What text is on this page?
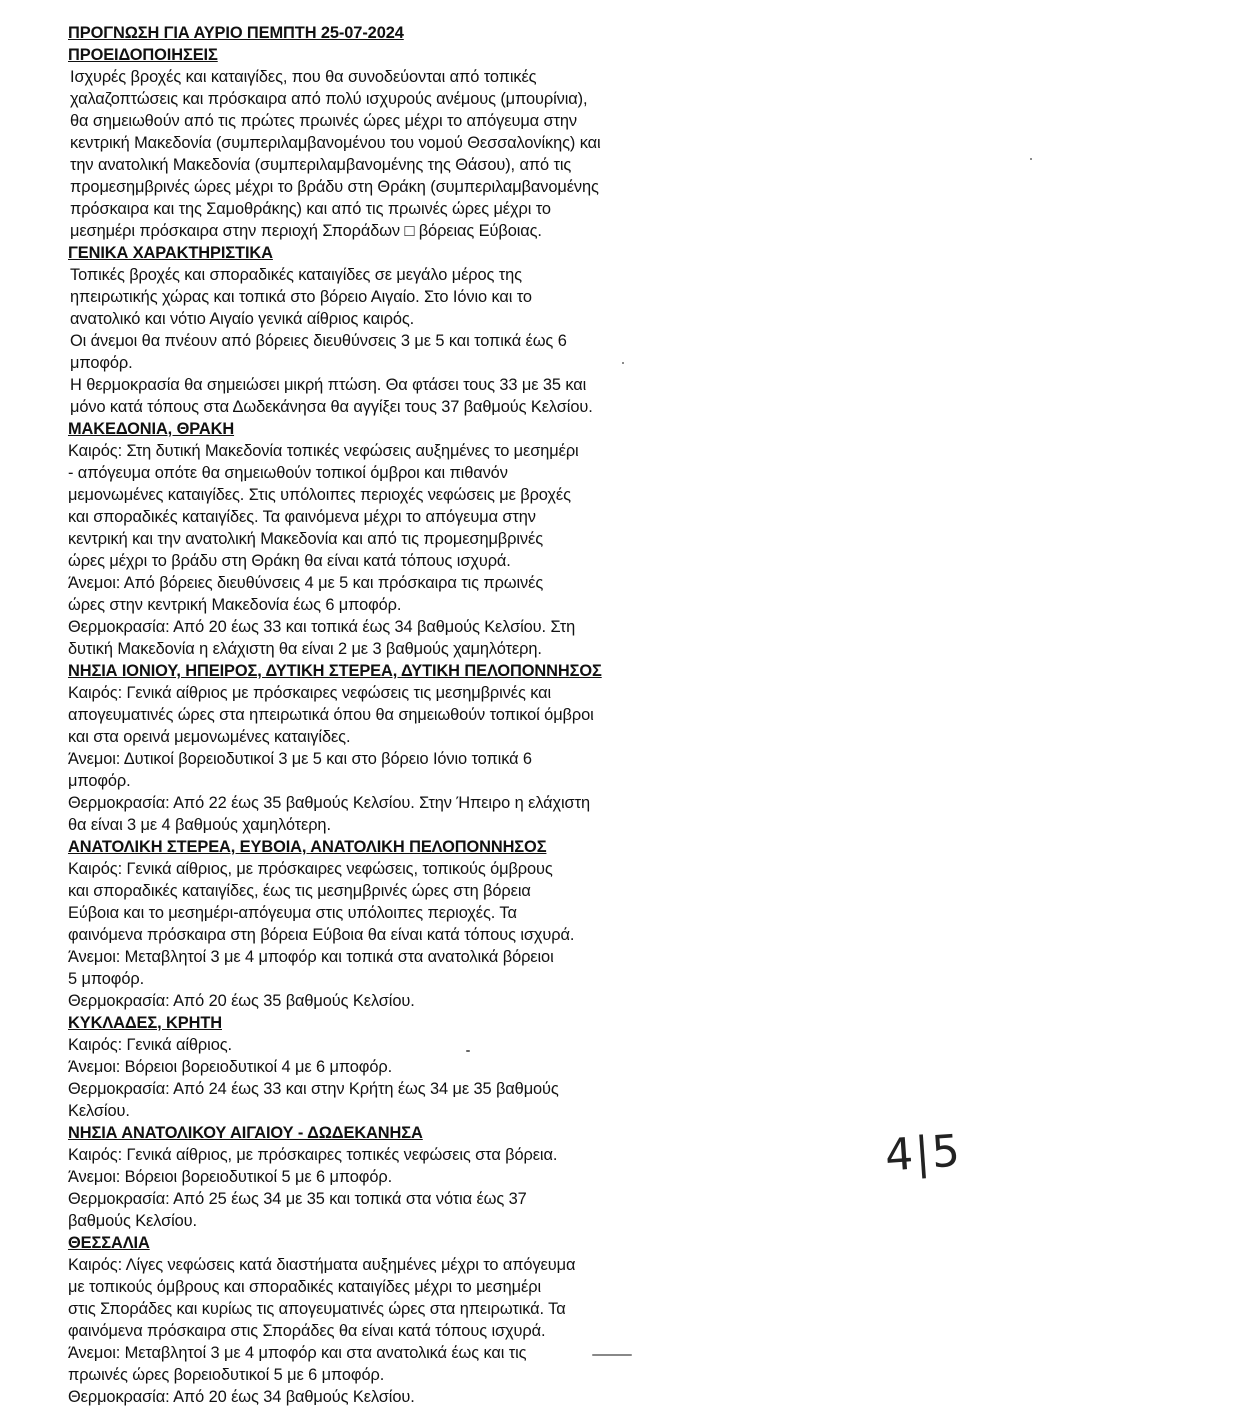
ΠΡΟΓΝΩΣΗ ΓΙΑ ΑΥΡΙΟ ΠΕΜΠΤΗ 25-07-2024
ΠΡΟΕΙΔΟΠΟΙΗΣΕΙΣ
Ισχυρές βροχές και καταιγίδες, που θα συνοδεύονται από τοπικές
χαλαζοπτώσεις και πρόσκαιρα από πολύ ισχυρούς ανέμους (μπουρίνια),
θα σημειωθούν από τις πρώτες πρωινές ώρες μέχρι το απόγευμα στην
κεντρική Μακεδονία (συμπεριλαμβανομένου του νομού Θεσσαλονίκης) και
την ανατολική Μακεδονία (συμπεριλαμβανομένης της Θάσου), από τις
προμεσημβρινές ώρες μέχρι το βράδυ στη Θράκη (συμπεριλαμβανομένης
πρόσκαιρα και της Σαμοθράκης) και από τις πρωινές ώρες μέχρι το
μεσημέρι πρόσκαιρα στην περιοχή Σποράδων □ βόρειας Εύβοιας.
ΓΕΝΙΚΑ ΧΑΡΑΚΤΗΡΙΣΤΙΚΑ
Τοπικές βροχές και σποραδικές καταιγίδες σε μεγάλο μέρος της
ηπειρωτικής χώρας και τοπικά στο βόρειο Αιγαίο. Στο Ιόνιο και το
ανατολικό και νότιο Αιγαίο γενικά αίθριος καιρός.
Οι άνεμοι θα πνέουν από βόρειες διευθύνσεις 3 με 5 και τοπικά έως 6
μποφόρ.
Η θερμοκρασία θα σημειώσει μικρή πτώση. Θα φτάσει τους 33 με 35 και
μόνο κατά τόπους στα Δωδεκάνησα θα αγγίξει τους 37 βαθμούς Κελσίου.
ΜΑΚΕΔΟΝΙΑ, ΘΡΑΚΗ
Καιρός: Στη δυτική Μακεδονία τοπικές νεφώσεις αυξημένες το μεσημέρι
- απόγευμα οπότε θα σημειωθούν τοπικοί όμβροι και πιθανόν
μεμονωμένες καταιγίδες. Στις υπόλοιπες περιοχές νεφώσεις με βροχές
και σποραδικές καταιγίδες. Τα φαινόμενα μέχρι το απόγευμα στην
κεντρική και την ανατολική Μακεδονία και από τις προμεσημβρινές
ώρες μέχρι το βράδυ στη Θράκη θα είναι κατά τόπους ισχυρά.
Άνεμοι: Από βόρειες διευθύνσεις 4 με 5 και πρόσκαιρα τις πρωινές
ώρες στην κεντρική Μακεδονία έως 6 μποφόρ.
Θερμοκρασία: Από 20 έως 33 και τοπικά έως 34 βαθμούς Κελσίου. Στη
δυτική Μακεδονία η ελάχιστη θα είναι 2 με 3 βαθμούς χαμηλότερη.
ΝΗΣΙΑ ΙΟΝΙΟΥ, ΗΠΕΙΡΟΣ, ΔΥΤΙΚΗ ΣΤΕΡΕΑ, ΔΥΤΙΚΗ ΠΕΛΟΠΟΝΝΗΣΟΣ
Καιρός: Γενικά αίθριος με πρόσκαιρες νεφώσεις τις μεσημβρινές και
απογευματινές ώρες στα ηπειρωτικά όπου θα σημειωθούν τοπικοί όμβροι
και στα ορεινά μεμονωμένες καταιγίδες.
Άνεμοι: Δυτικοί βορειοδυτικοί 3 με 5 και στο βόρειο Ιόνιο τοπικά 6
μποφόρ.
Θερμοκρασία: Από 22 έως 35 βαθμούς Κελσίου. Στην Ήπειρο η ελάχιστη
θα είναι 3 με 4 βαθμούς χαμηλότερη.
ΑΝΑΤΟΛΙΚΗ ΣΤΕΡΕΑ, ΕΥΒΟΙΑ, ΑΝΑΤΟΛΙΚΗ ΠΕΛΟΠΟΝΝΗΣΟΣ
Καιρός: Γενικά αίθριος, με πρόσκαιρες νεφώσεις, τοπικούς όμβρους
και σποραδικές καταιγίδες, έως τις μεσημβρινές ώρες στη βόρεια
Εύβοια και το μεσημέρι-απόγευμα στις υπόλοιπες περιοχές. Τα
φαινόμενα πρόσκαιρα στη βόρεια Εύβοια θα είναι κατά τόπους ισχυρά.
Άνεμοι: Μεταβλητοί 3 με 4 μποφόρ και τοπικά στα ανατολικά βόρειοι
5 μποφόρ.
Θερμοκρασία: Από 20 έως 35 βαθμούς Κελσίου.
ΚΥΚΛΑΔΕΣ, ΚΡΗΤΗ
Καιρός: Γενικά αίθριος.
Άνεμοι: Βόρειοι βορειοδυτικοί 4 με 6 μποφόρ.
Θερμοκρασία: Από 24 έως 33 και στην Κρήτη έως 34 με 35 βαθμούς
Κελσίου.
ΝΗΣΙΑ ΑΝΑΤΟΛΙΚΟΥ ΑΙΓΑΙΟΥ - ΔΩΔΕΚΑΝΗΣΑ
Καιρός: Γενικά αίθριος, με πρόσκαιρες τοπικές νεφώσεις στα βόρεια.
Άνεμοι: Βόρειοι βορειοδυτικοί 5 με 6 μποφόρ.
Θερμοκρασία: Από 25 έως 34 με 35 και τοπικά στα νότια έως 37
βαθμούς Κελσίου.
ΘΕΣΣΑΛΙΑ
Καιρός: Λίγες νεφώσεις κατά διαστήματα αυξημένες μέχρι το απόγευμα
με τοπικούς όμβρους και σποραδικές καταιγίδες μέχρι το μεσημέρι
στις Σποράδες και κυρίως τις απογευματινές ώρες στα ηπειρωτικά. Τα
φαινόμενα πρόσκαιρα στις Σποράδες θα είναι κατά τόπους ισχυρά.
Άνεμοι: Μεταβλητοί 3 με 4 μποφόρ και στα ανατολικά έως και τις
πρωινές ώρες βορειοδυτικοί 5 με 6 μποφόρ.
Θερμοκρασία: Από 20 έως 34 βαθμούς Κελσίου.
4|5
